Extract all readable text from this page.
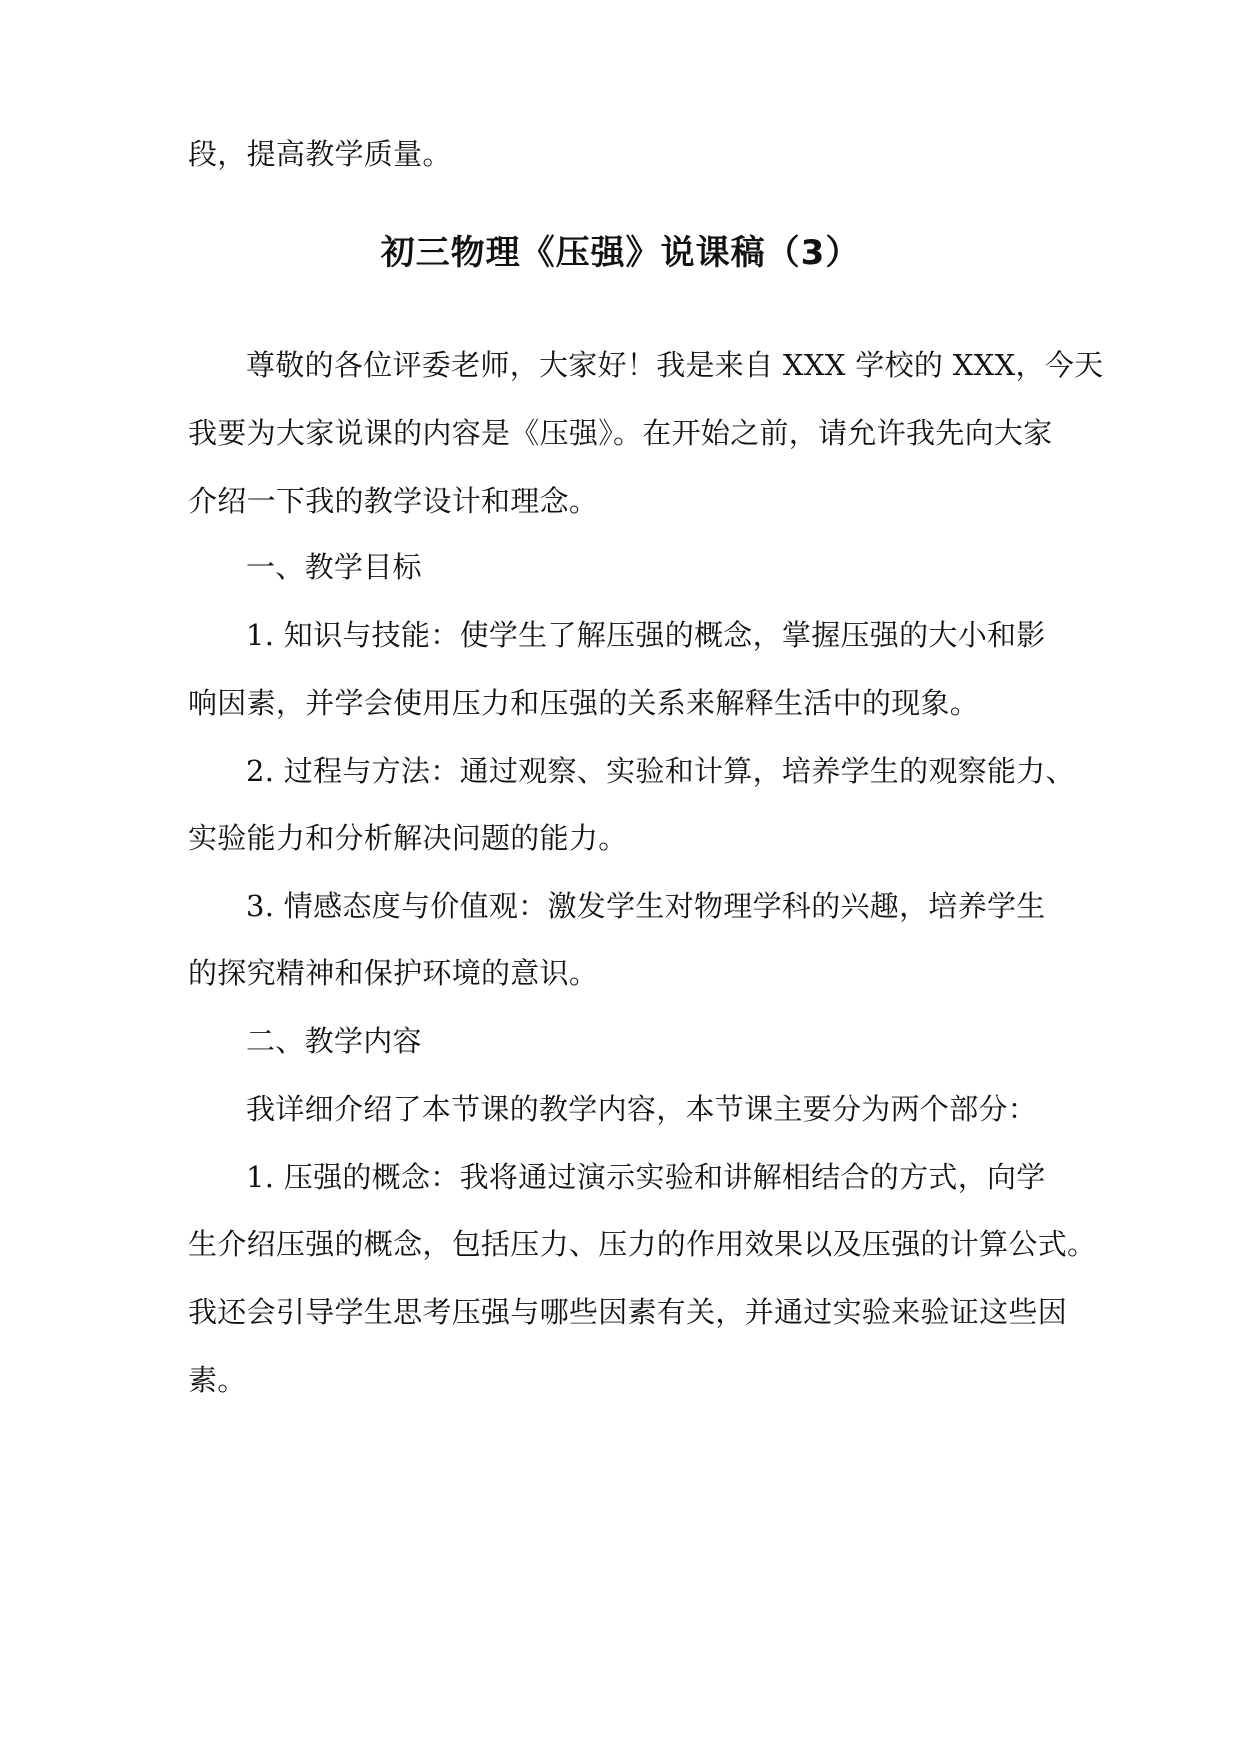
段，提高教学质量。
初三物理《压强》说课稿（3）
尊敬的各位评委老师，大家好！我是来自 XXX 学校的 XXX，今天
我要为大家说课的内容是《压强》。在开始之前，请允许我先向大家
介绍一下我的教学设计和理念。
一、教学目标
1. 知识与技能：使学生了解压强的概念，掌握压强的大小和影
响因素，并学会使用压力和压强的关系来解释生活中的现象。
2. 过程与方法：通过观察、实验和计算，培养学生的观察能力、
实验能力和分析解决问题的能力。
3. 情感态度与价值观：激发学生对物理学科的兴趣，培养学生
的探究精神和保护环境的意识。
二、教学内容
我详细介绍了本节课的教学内容，本节课主要分为两个部分：
1. 压强的概念：我将通过演示实验和讲解相结合的方式，向学
生介绍压强的概念，包括压力、压力的作用效果以及压强的计算公式。
我还会引导学生思考压强与哪些因素有关，并通过实验来验证这些因
素。
